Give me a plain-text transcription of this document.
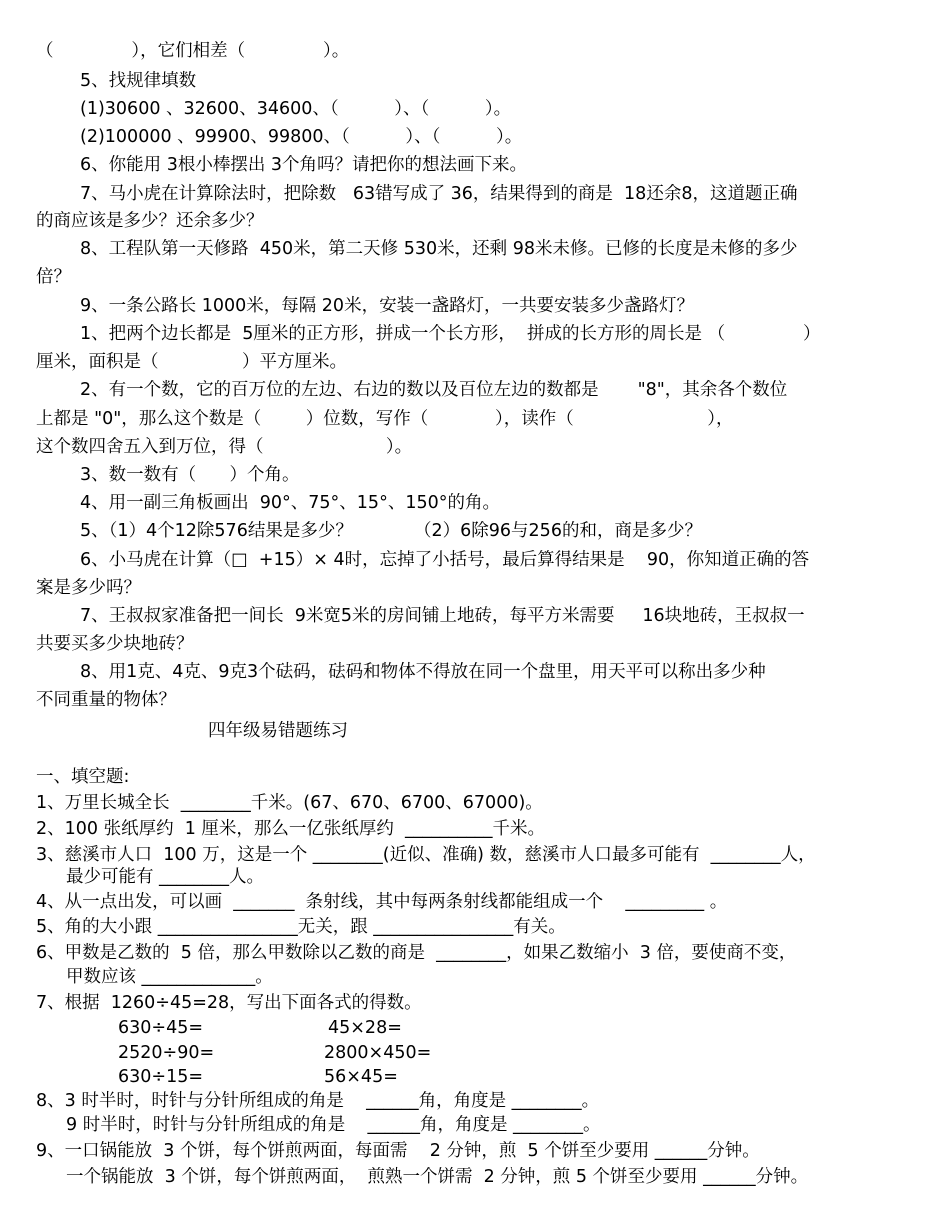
（              ），它们相差（              ）。
5、找规律填数
(1)30600 、32600、34600、（          ）、（          ）。
(2)100000 、99900、99800、（          ）、（          ）。
6、你能用 3根小棒摆出 3个角吗？请把你的想法画下来。
7、马小虎在计算除法时，把除数   63错写成了 36，结果得到的商是  18还余8，这道题正确
的商应该是多少？还余多少？
8、工程队第一天修路  450米，第二天修 530米，还剩 98米未修。已修的长度是未修的多少
倍？
9、一条公路长 1000米，每隔 20米，安装一盏路灯，一共要安装多少盏路灯？
1、把两个边长都是  5厘米的正方形，拼成一个长方形，  拼成的长方形的周长是 （              ）
厘米，面积是（               ）平方厘米。
2、有一个数，它的百万位的左边、右边的数以及百位左边的数都是       "8"，其余各个数位
上都是 "0"，那么这个数是（        ）位数，写作（            ），读作（                        ），
这个数四舍五入到万位，得（                      ）。
3、数一数有（      ）个角。
4、用一副三角板画出  90°、75°、15°、150°的角。
5、（1）4个12除576结果是多少？           （2）6除96与256的和，商是多少？
6、小马虎在计算（□  +15）× 4时，忘掉了小括号，最后算得结果是    90，你知道正确的答
案是多少吗？
7、王叔叔家准备把一间长  9米宽5米的房间铺上地砖，每平方米需要     16块地砖，王叔叔一
共要买多少块地砖？
8、用1克、4克、9克3个砝码，砝码和物体不得放在同一个盘里，用天平可以称出多少种
不同重量的物体？
四年级易错题练习
一、填空题:
1、万里长城全长  ________千米。(67、670、6700、67000)。
2、100 张纸厚约  1 厘米，那么一亿张纸厚约  __________千米。
3、慈溪市人口  100 万，这是一个 ________(近似、准确) 数，慈溪市人口最多可能有  ________人，
最少可能有 ________人。
4、从一点出发，可以画  _______  条射线，其中每两条射线都能组成一个    _________ 。
5、角的大小跟 ________________无关，跟 ________________有关。
6、甲数是乙数的  5 倍，那么甲数除以乙数的商是  ________，如果乙数缩小  3 倍，要使商不变，
甲数应该 _____________。
7、根据  1260÷45=28，写出下面各式的得数。
630÷45=	45×28=
2520÷90=	2800×450=
630÷15=	56×45=
8、3 时半时，时针与分针所组成的角是    ______角，角度是 ________。
9 时半时，时针与分针所组成的角是    ______角，角度是 ________。
9、一口锅能放  3 个饼，每个饼煎两面，每面需    2 分钟，煎  5 个饼至少要用 ______分钟。
一个锅能放  3 个饼，每个饼煎两面，  煎熟一个饼需  2 分钟，煎 5 个饼至少要用 ______分钟。
